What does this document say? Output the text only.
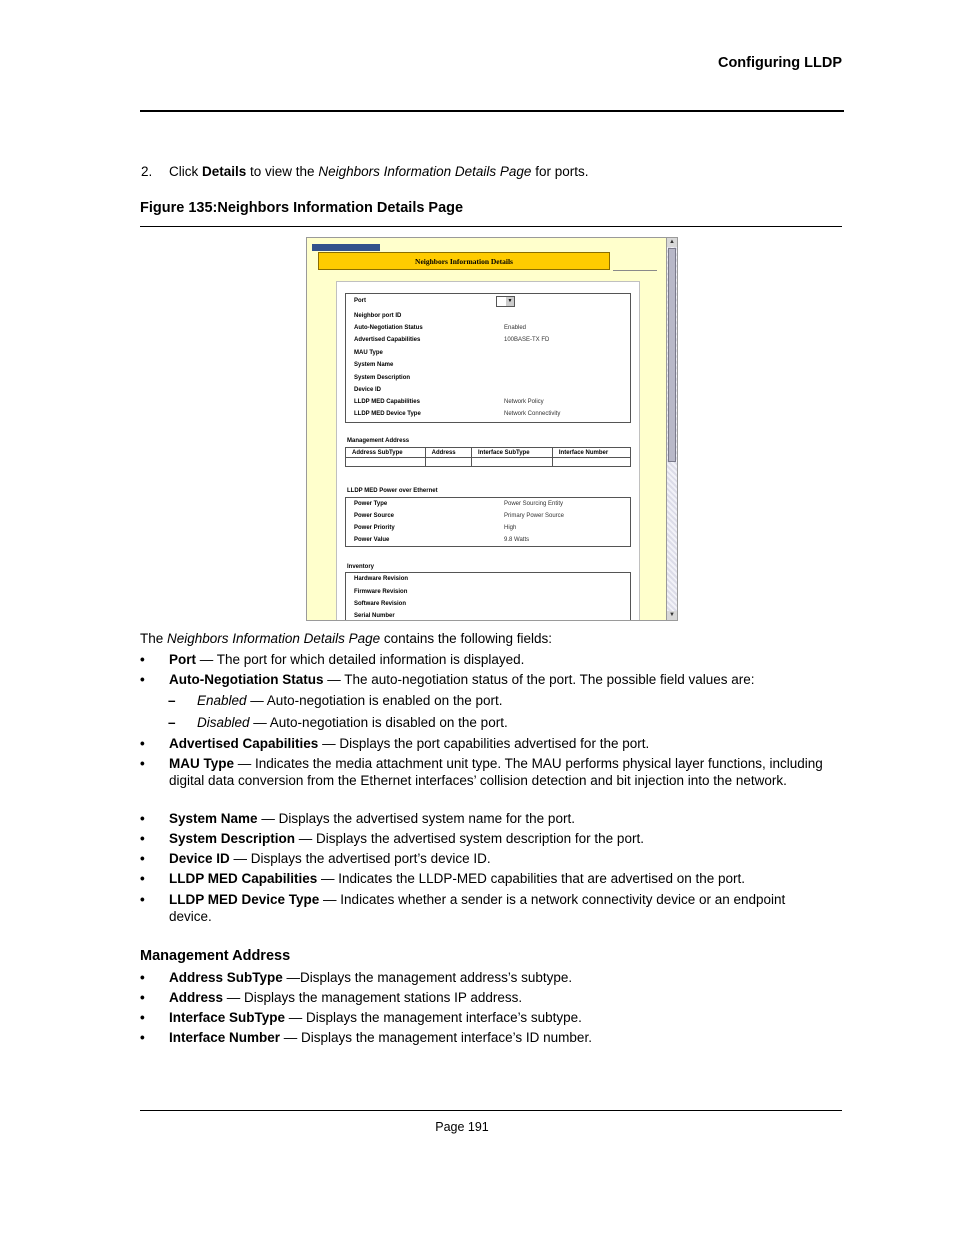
Configuring LLDP
2. Click Details to view the Neighbors Information Details Page for ports.
Figure 135:Neighbors Information Details Page
Neighbors Information Details
▲
▼
▼
Port
Neighbor port ID
Auto-Negotiation Status	Enabled
Advertised Capabilities	100BASE-TX FD
MAU Type
System Name
System Description
Device ID
LLDP MED Capabilities	Network Policy
LLDP MED Device Type	Network Connectivity
Management Address
Address SubType	Address	Interface SubType	Interface Number

LLDP MED Power over Ethernet
Power Type	Power Sourcing Entity
Power Source	Primary Power Source
Power Priority	High
Power Value	9.8 Watts
Inventory
Hardware Revision
Firmware Revision
Software Revision
Serial Number
The Neighbors Information Details Page contains the following fields:
•	Port — The port for which detailed information is displayed.
•	Auto-Negotiation Status — The auto-negotiation status of the port. The possible field values are:
– Enabled — Auto-negotiation is enabled on the port.
– Disabled — Auto-negotiation is disabled on the port.
•	Advertised Capabilities — Displays the port capabilities advertised for the port.
•	MAU Type — Indicates the media attachment unit type. The MAU performs physical layer functions, including digital data conversion from the Ethernet interfaces’ collision detection and bit injection into the network.
•	System Name — Displays the advertised system name for the port.
•	System Description — Displays the advertised system description for the port.
•	Device ID — Displays the advertised port’s device ID.
•	LLDP MED Capabilities — Indicates the LLDP-MED capabilities that are advertised on the port.
•	LLDP MED Device Type — Indicates whether a sender is a network connectivity device or an endpoint device.
Management Address
•	Address SubType —Displays the management address’s subtype.
•	Address — Displays the management stations IP address.
•	Interface SubType — Displays the management interface’s subtype.
•	Interface Number — Displays the management interface’s ID number.
Page 191
